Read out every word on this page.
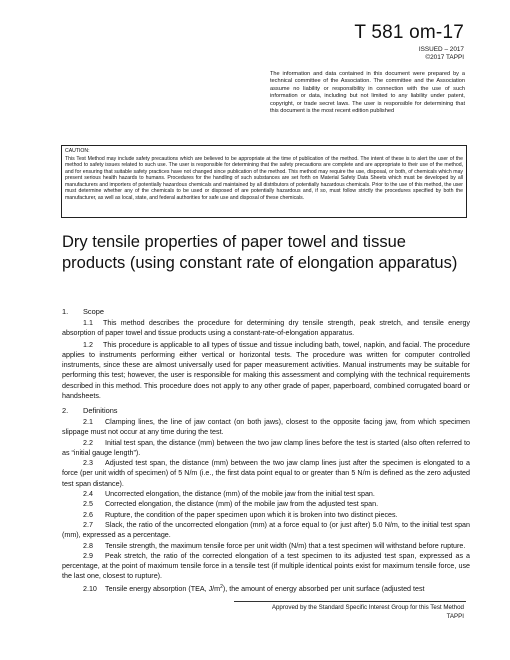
T 581 om-17
ISSUED – 2017
©2017 TAPPI
The information and data contained in this document were prepared by a technical committee of the Association. The committee and the Association assume no liability or responsibility in connection with the use of such information or data, including but not limited to any liability under patent, copyright, or trade secret laws. The user is responsible for determining that this document is the most recent edition published
CAUTION:
This Test Method may include safety precautions which are believed to be appropriate at the time of publication of the method. The intent of these is to alert the user of the method to safety issues related to such use. The user is responsible for determining that the safety precautions are complete and are appropriate to their use of the method, and for ensuring that suitable safety practices have not changed since publication of the method. This method may require the use, disposal, or both, of chemicals which may present serious health hazards to humans. Procedures for the handling of such substances are set forth on Material Safety Data Sheets which must be developed by all manufacturers and importers of potentially hazardous chemicals and maintained by all distributors of potentially hazardous chemicals. Prior to the use of this method, the user must determine whether any of the chemicals to be used or disposed of are potentially hazardous and, if so, must follow strictly the procedures specified by both the manufacturer, as well as local, state, and federal authorities for safe use and disposal of these chemicals.
Dry tensile properties of paper towel and tissue products (using constant rate of elongation apparatus)
1. Scope
1.1 This method describes the procedure for determining dry tensile strength, peak stretch, and tensile energy absorption of paper towel and tissue products using a constant-rate-of-elongation apparatus.
1.2 This procedure is applicable to all types of tissue and tissue including bath, towel, napkin, and facial. The procedure applies to instruments performing either vertical or horizontal tests. The procedure was written for computer controlled instruments, since these are almost universally used for paper measurement activities. Manual instruments may be suitable for performing this test; however, the user is responsible for making this assessment and complying with the technical requirements described in this method. This procedure does not apply to any other grade of paper, paperboard, combined corrugated board or handsheets.
2. Definitions
2.1 Clamping lines, the line of jaw contact (on both jaws), closest to the opposite facing jaw, from which specimen slippage must not occur at any time during the test.
2.2 Initial test span, the distance (mm) between the two jaw clamp lines before the test is started (also often referred to as “initial gauge length”).
2.3 Adjusted test span, the distance (mm) between the two jaw clamp lines just after the specimen is elongated to a force (per unit width of specimen) of 5 N/m (i.e., the first data point equal to or greater than 5 N/m is defined as the zero adjusted test span distance).
2.4 Uncorrected elongation, the distance (mm) of the mobile jaw from the initial test span.
2.5 Corrected elongation, the distance (mm) of the mobile jaw from the adjusted test span.
2.6 Rupture, the condition of the paper specimen upon which it is broken into two distinct pieces.
2.7 Slack, the ratio of the uncorrected elongation (mm) at a force equal to (or just after) 5.0 N/m, to the initial test span (mm), expressed as a percentage.
2.8 Tensile strength, the maximum tensile force per unit width (N/m) that a test specimen will withstand before rupture.
2.9 Peak stretch, the ratio of the corrected elongation of a test specimen to its adjusted test span, expressed as a percentage, at the point of maximum tensile force in a tensile test (if multiple identical points exist for maximum tensile force, use the last one, closest to rupture).
2.10 Tensile energy absorption (TEA, $J/m^2$), the amount of energy absorbed per unit surface (adjusted test
Approved by the Standard Specific Interest Group for this Test Method
TAPPI
